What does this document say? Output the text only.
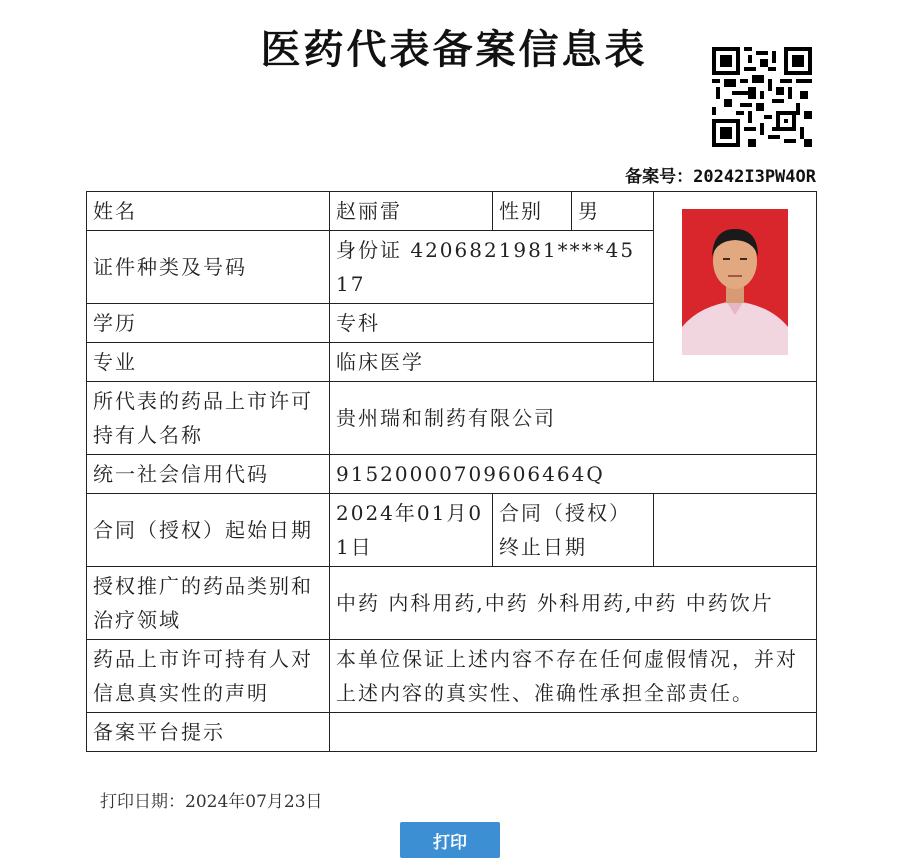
医药代表备案信息表
备案号：20242I3PW4OR
姓名	赵丽雷	性别	男	
证件种类及号码	身份证 4206821981****4517			
学历	专科			
专业	临床医学			
所代表的药品上市许可持有人名称	贵州瑞和制药有限公司			
统一社会信用代码	91520000709606464Q			
合同（授权）起始日期	2024年01月01日	合同（授权）终止日期		
授权推广的药品类别和治疗领域	中药 内科用药,中药 外科用药,中药 中药饮片			
药品上市许可持有人对信息真实性的声明	本单位保证上述内容不存在任何虚假情况，并对上述内容的真实性、准确性承担全部责任。			
备案平台提示				
打印日期：2024年07月23日
打印
